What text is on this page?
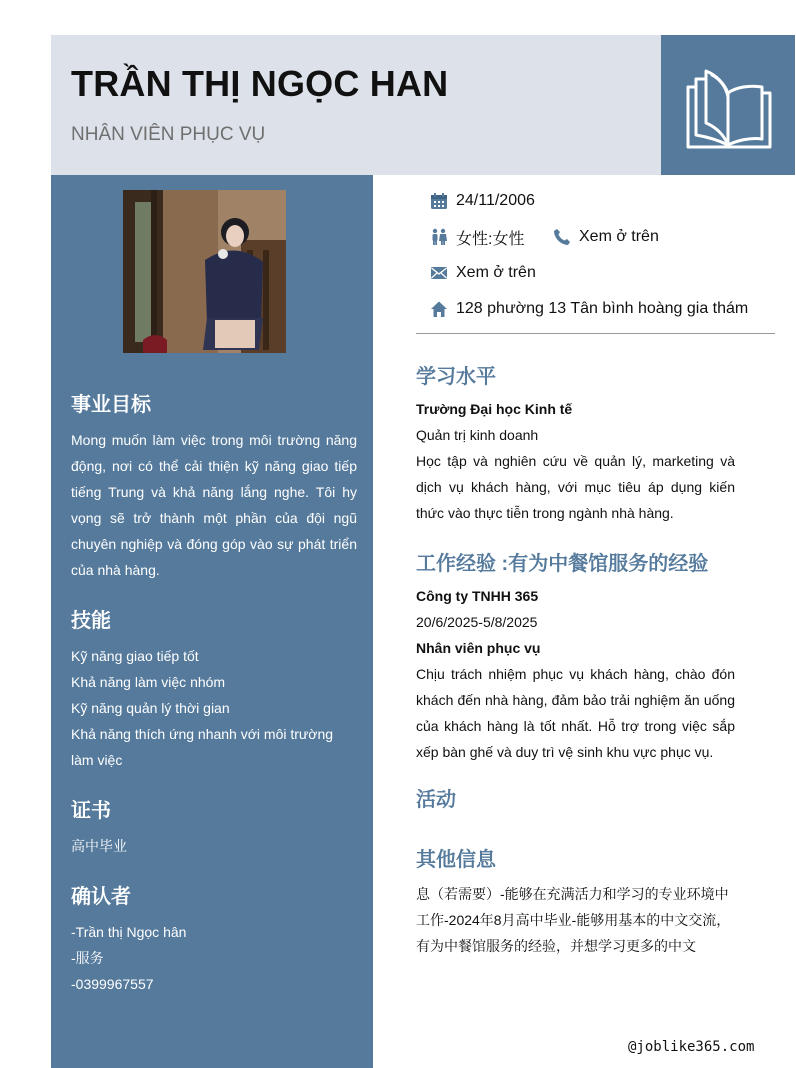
TRẦN THỊ NGỌC HAN
NHÂN VIÊN PHỤC VỤ
事业目标
Mong muốn làm việc trong môi trường năng động, nơi có thể cải thiện kỹ năng giao tiếp tiếng Trung và khả năng lắng nghe. Tôi hy vọng sẽ trở thành một phần của đội ngũ chuyên nghiệp và đóng góp vào sự phát triển của nhà hàng.
技能
Kỹ năng giao tiếp tốt
Khả năng làm việc nhóm
Kỹ năng quản lý thời gian
Khả năng thích ứng nhanh với môi trường làm việc
证书
高中毕业
确认者
-Trần thị Ngọc hân
-服务
-0399967557
24/11/2006
女性:女性	Xem ở trên
Xem ở trên
128 phường 13 Tân bình hoàng gia thám
学习水平
Trường Đại học Kinh tế
Quản trị kinh doanh
Học tập và nghiên cứu về quản lý, marketing và dịch vụ khách hàng, với mục tiêu áp dụng kiến thức vào thực tiễn trong ngành nhà hàng.
工作经验 :有为中餐馆服务的经验
Công ty TNHH 365
20/6/2025-5/8/2025
Nhân viên phục vụ
Chịu trách nhiệm phục vụ khách hàng, chào đón khách đến nhà hàng, đảm bảo trải nghiệm ăn uống của khách hàng là tốt nhất. Hỗ trợ trong việc sắp xếp bàn ghế và duy trì vệ sinh khu vực phục vụ.
活动
其他信息
息（若需要）-能够在充满活力和学习的专业环境中
工作-2024年8月高中毕业-能够用基本的中文交流，
有为中餐馆服务的经验，并想学习更多的中文
@joblike365.com
